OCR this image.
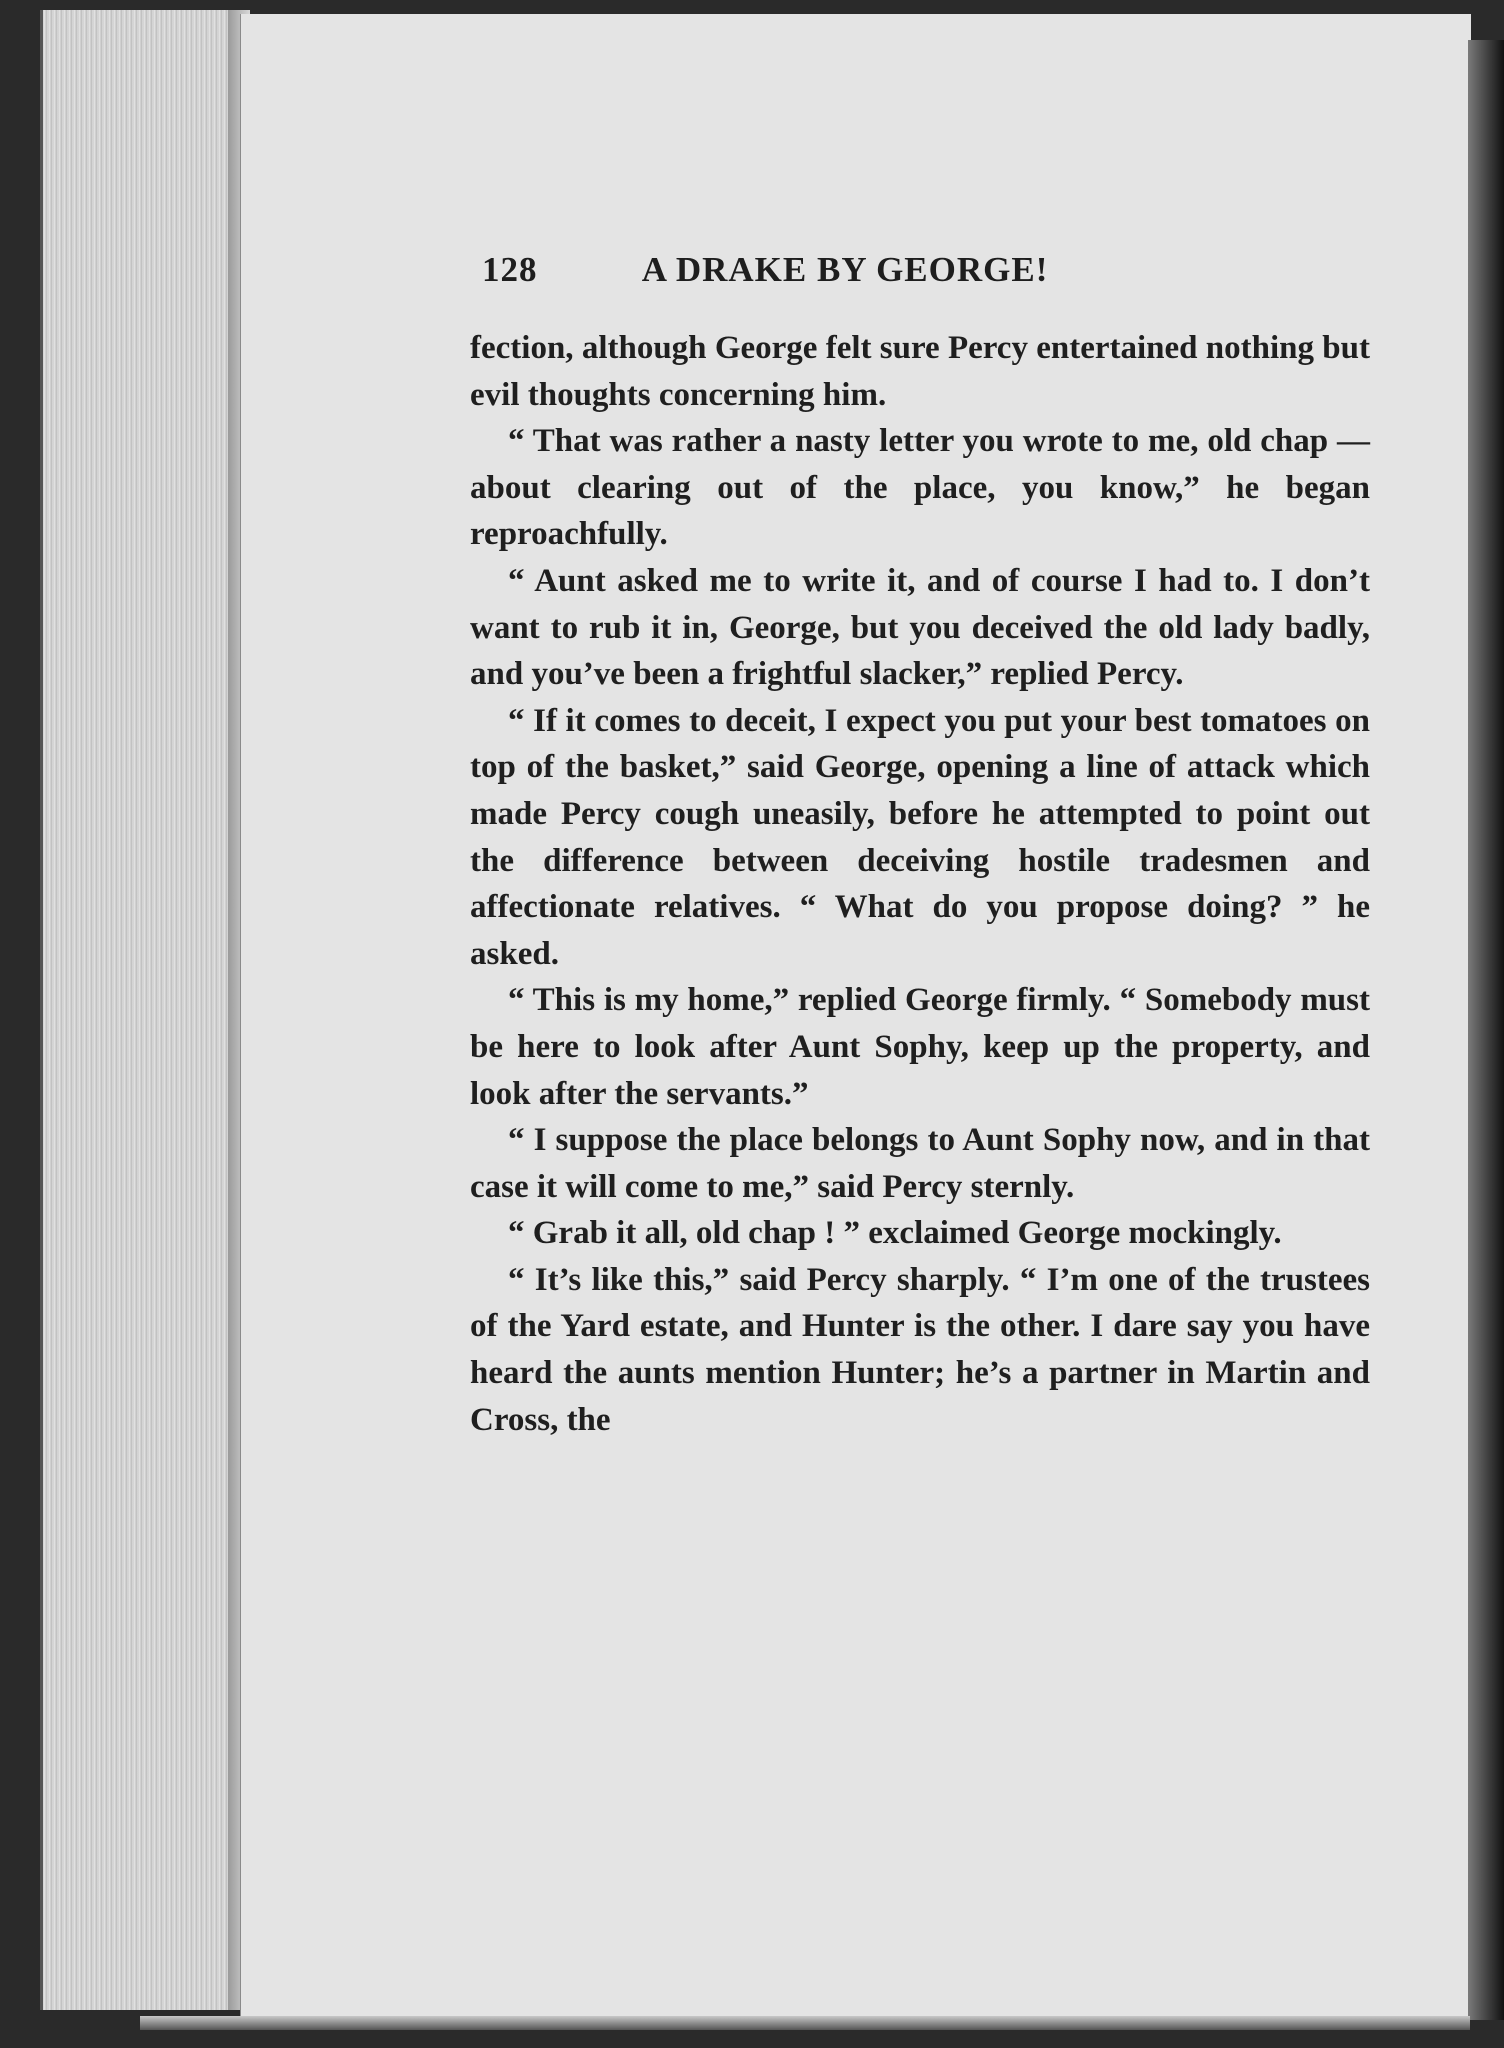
128	A DRAKE BY GEORGE!

fection, although George felt sure Percy entertained nothing but evil thoughts concerning him.

“ That was rather a nasty letter you wrote to me, old chap — about clearing out of the place, you know,” he began reproachfully.

“ Aunt asked me to write it, and of course I had to. I don’t want to rub it in, George, but you deceived the old lady badly, and you’ve been a frightful slacker,” replied Percy.

“ If it comes to deceit, I expect you put your best tomatoes on top of the basket,” said George, opening a line of attack which made Percy cough uneasily, before he attempted to point out the difference between deceiving hostile tradesmen and affectionate relatives. “ What do you propose doing? ” he asked.

“ This is my home,” replied George firmly. “ Somebody must be here to look after Aunt Sophy, keep up the property, and look after the servants.”

“ I suppose the place belongs to Aunt Sophy now, and in that case it will come to me,” said Percy sternly.

“ Grab it all, old chap ! ” exclaimed George mockingly.

“ It’s like this,” said Percy sharply. “ I’m one of the trustees of the Yard estate, and Hunter is the other. I dare say you have heard the aunts mention Hunter; he’s a partner in Martin and Cross, the
